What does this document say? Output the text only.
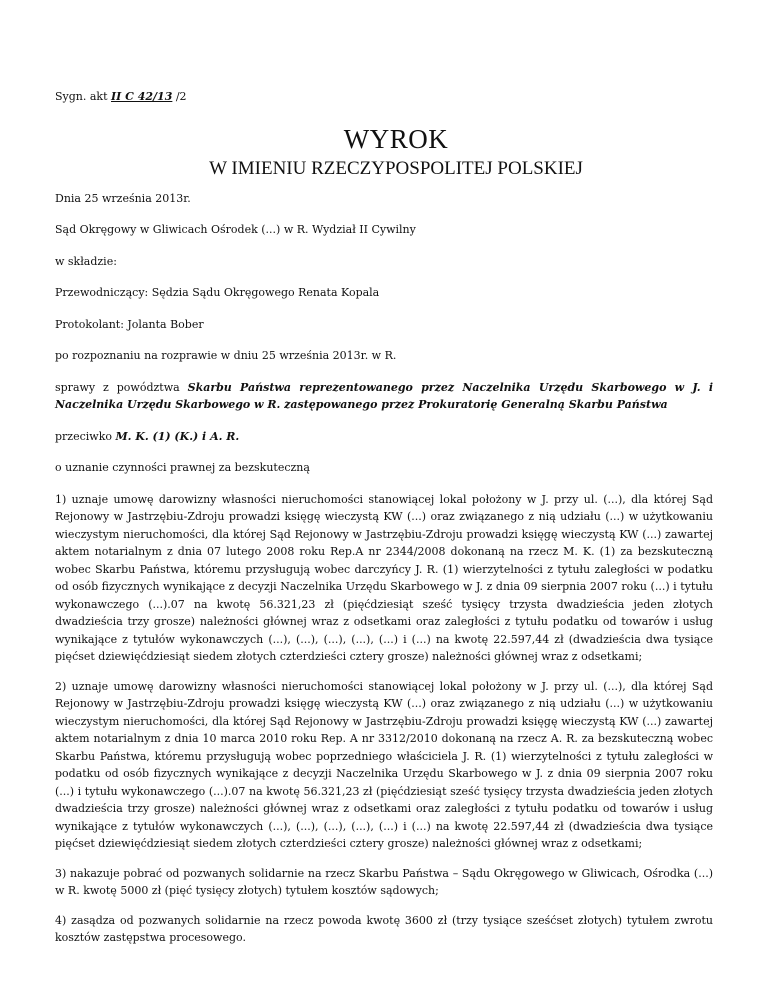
Sygn. akt II C 42/13 /2

WYROK
W IMIENIU RZECZYPOSPOLITEJ POLSKIEJ

Dnia 25 września 2013r.

Sąd Okręgowy w Gliwicach Ośrodek (...) w R. Wydział II Cywilny

w składzie:

Przewodniczący: Sędzia Sądu Okręgowego Renata Kopala

Protokolant: Jolanta Bober

po rozpoznaniu na rozprawie w dniu 25 września 2013r. w R.

sprawy z powództwa Skarbu Państwa reprezentowanego przez Naczelnika Urzędu Skarbowego w J. i Naczelnika Urzędu Skarbowego w R. zastępowanego przez Prokuratorię Generalną Skarbu Państwa

przeciwko M. K. (1) (K.) i A. R.

o uznanie czynności prawnej za bezskuteczną

1) uznaje umowę darowizny własności nieruchomości stanowiącej lokal położony w J. przy ul. (...), dla której Sąd Rejonowy w Jastrzębiu-Zdroju prowadzi księgę wieczystą KW (...) oraz związanego z nią udziału (...) w użytkowaniu wieczystym nieruchomości, dla której Sąd Rejonowy w Jastrzębiu-Zdroju prowadzi księgę wieczystą KW (...) zawartej aktem notarialnym z dnia 07 lutego 2008 roku Rep.A nr 2344/2008 dokonaną na rzecz M. K. (1) za bezskuteczną wobec Skarbu Państwa, któremu przysługują wobec darczyńcy J. R. (1) wierzytelności z tytułu zaległości w podatku od osób fizycznych wynikające z decyzji Naczelnika Urzędu Skarbowego w J. z dnia 09 sierpnia 2007 roku (...) i tytułu wykonawczego (...).07 na kwotę 56.321,23 zł (pięćdziesiąt sześć tysięcy trzysta dwadzieścia jeden złotych dwadzieścia trzy grosze) należności głównej wraz z odsetkami oraz zaległości z tytułu podatku od towarów i usług wynikające z tytułów wykonawczych (...), (...), (...), (...), (...) i (...) na kwotę 22.597,44 zł (dwadzieścia dwa tysiące pięćset dziewięćdziesiąt siedem złotych czterdzieści cztery grosze) należności głównej wraz z odsetkami;

2) uznaje umowę darowizny własności nieruchomości stanowiącej lokal położony w J. przy ul. (...), dla której Sąd Rejonowy w Jastrzębiu-Zdroju prowadzi księgę wieczystą KW (...) oraz związanego z nią udziału (...) w użytkowaniu wieczystym nieruchomości, dla której Sąd Rejonowy w Jastrzębiu-Zdroju prowadzi księgę wieczystą KW (...) zawartej aktem notarialnym z dnia 10 marca 2010 roku Rep. A nr 3312/2010 dokonaną na rzecz A. R. za bezskuteczną wobec Skarbu Państwa, któremu przysługują wobec poprzedniego właściciela J. R. (1) wierzytelności z tytułu zaległości w podatku od osób fizycznych wynikające z decyzji Naczelnika Urzędu Skarbowego w J. z dnia 09 sierpnia 2007 roku (...) i tytułu wykonawczego (...).07 na kwotę 56.321,23 zł (pięćdziesiąt sześć tysięcy trzysta dwadzieścia jeden złotych dwadzieścia trzy grosze) należności głównej wraz z odsetkami oraz zaległości z tytułu podatku od towarów i usług wynikające z tytułów wykonawczych (...), (...), (...), (...), (...) i (...) na kwotę 22.597,44 zł (dwadzieścia dwa tysiące pięćset dziewięćdziesiąt siedem złotych czterdzieści cztery grosze) należności głównej wraz z odsetkami;

3) nakazuje pobrać od pozwanych solidarnie na rzecz Skarbu Państwa – Sądu Okręgowego w Gliwicach, Ośrodka (...) w R. kwotę 5000 zł (pięć tysięcy złotych) tytułem kosztów sądowych;

4) zasądza od pozwanych solidarnie na rzecz powoda kwotę 3600 zł (trzy tysiące sześćset złotych) tytułem zwrotu kosztów zastępstwa procesowego.
